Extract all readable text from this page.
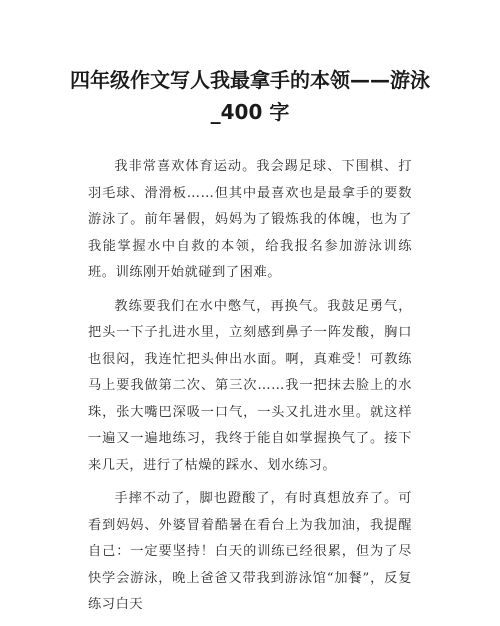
四年级作文写人我最拿手的本领——游泳_400 字

我非常喜欢体育运动。我会踢足球、下围棋、打羽毛球、滑滑板……但其中最喜欢也是最拿手的要数游泳了。前年暑假，妈妈为了锻炼我的体魄，也为了我能掌握水中自救的本领，给我报名参加游泳训练班。训练刚开始就碰到了困难。

教练要我们在水中憋气，再换气。我鼓足勇气，把头一下子扎进水里，立刻感到鼻子一阵发酸，胸口也很闷，我连忙把头伸出水面。啊，真难受！可教练马上要我做第二次、第三次……我一把抹去脸上的水珠，张大嘴巴深吸一口气，一头又扎进水里。就这样一遍又一遍地练习，我终于能自如掌握换气了。接下来几天，进行了枯燥的踩水、划水练习。

手摔不动了，脚也蹬酸了，有时真想放弃了。可看到妈妈、外婆冒着酷暑在看台上为我加油，我提醒自己：一定要坚持！白天的训练已经很累，但为了尽快学会游泳，晚上爸爸又带我到游泳馆“加餐”，反复练习白天
